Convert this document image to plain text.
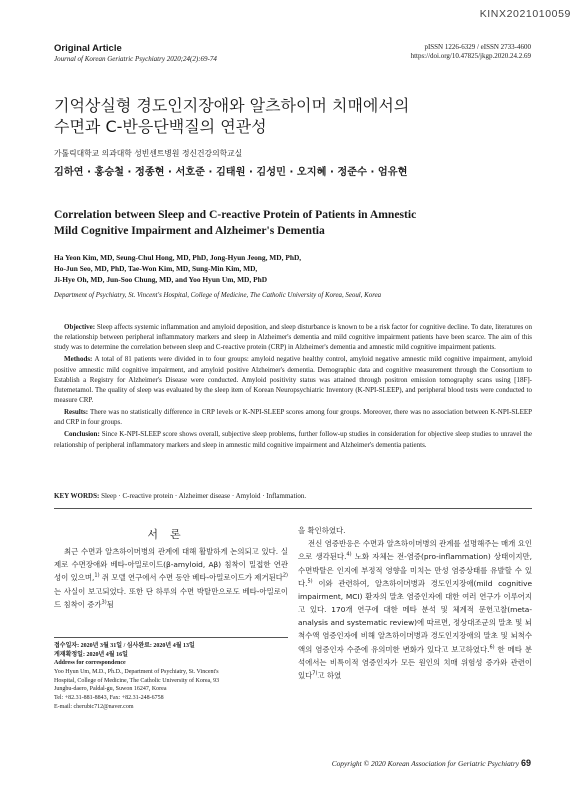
KINX2021010059
Original Article
Journal of Korean Geriatric Psychiatry 2020;24(2):69-74
pISSN 1226-6329 / eISSN 2733-4600
https://doi.org/10.47825/jkgp.2020.24.2.69
기억상실형 경도인지장애와 알츠하이머 치매에서의
수면과 C-반응단백질의 연관성
가톨릭대학교 의과대학 성빈센트병원 정신건강의학교실
김하연 · 홍승철 · 정종현 · 서호준 · 김태원 · 김성민 · 오지혜 · 정준수 · 엄유현
Correlation between Sleep and C-reactive Protein of Patients in Amnestic
Mild Cognitive Impairment and Alzheimer's Dementia
Ha Yeon Kim, MD, Seung-Chul Hong, MD, PhD, Jong-Hyun Jeong, MD, PhD,
Ho-Jun Seo, MD, PhD, Tae-Won Kim, MD, Sung-Min Kim, MD,
Ji-Hye Oh, MD, Jun-Soo Chung, MD, and Yoo Hyun Um, MD, PhD
Department of Psychiatry, St. Vincent's Hospital, College of Medicine, The Catholic University of Korea, Seoul, Korea

Objective: Sleep affects systemic inflammation and amyloid deposition, and sleep disturbance is known to be a risk factor for cognitive decline. To date, literatures on the relationship between peripheral inflammatory markers and sleep in Alzheimer's dementia and mild cognitive impairment patients have been scarce. The aim of this study was to determine the correlation between sleep and C-reactive protein (CRP) in Alzheimer's dementia and amnestic mild cognitive impairment patients.

Methods: A total of 81 patients were divided in to four groups: amyloid negative healthy control, amyloid negative amnestic mild cognitive impairment, amyloid positive amnestic mild cognitive impairment, and amyloid positive Alzheimer's dementia. Demographic data and cognitive measurement through the Consortium to Establish a Registry for Alzheimer's Disease were conducted. Amyloid positivity status was attained through positron emission tomography scans using [18F]-flutemetamol. The quality of sleep was evaluated by the sleep item of Korean Neuropsychiatric Inventory (K-NPI-SLEEP), and peripheral blood tests were conducted to measure CRP.

Results: There was no statistically difference in CRP levels or K-NPI-SLEEP scores among four groups. Moreover, there was no association between K-NPI-SLEEP and CRP in four groups.

Conclusion: Since K-NPI-SLEEP score shows overall, subjective sleep problems, further follow-up studies in consideration for objective sleep studies to unravel the relationship of peripheral inflammatory markers and sleep in amnestic mild cognitive impairment and Alzheimer's dementia patients.

KEY WORDS: Sleep · C-reactive protein · Alzheimer disease · Amyloid · Inflammation.
서론

최근 수면과 알츠하이머병의 관계에 대해 활발하게 논의되고 있다. 실제로 수면장애와 베타-아밀로이드(β-amyloid, Aβ) 침착이 밀접한 연관성이 있으며,$^{1)}$ 쥐 모델 연구에서 수면 동안 베타-아밀로이드가 제거된다$^{2)}$는 사실이 보고되었다. 또한 단 하루의 수면 박탈만으로도 베타-아밀로이드 침착이 증가$^{3)}$됨

접수일자: 2020년 3월 31일 / 심사완료: 2020년 4월 13일
게재확정일: 2020년 4월 16일
Address for correspondence
Yoo Hyun Um, M.D., Ph.D., Department of Psychiatry, St. Vincent's
Hospital, College of Medicine, The Catholic University of Korea, 93
Jungbu-daero, Paldal-gu, Suwon 16247, Korea
Tel: +82.31-881-8843, Fax: +82.31-248-6758
E-mail: cherubic712@naver.com

을 확인하였다.

전신 염증반응은 수면과 알츠하이머병의 관계를 설명해주는 매개 요인으로 생각된다.$^{4)}$ 노화 자체는 전-염증(pro-inflammation) 상태이지만, 수면박탈은 인지에 부정적 영향을 미치는 만성 염증상태를 유발할 수 있다.$^{5)}$ 이와 관련하여, 알츠하이머병과 경도인지장애(mild cognitive impairment, MCI) 환자의 말초 염증인자에 대한 여러 연구가 이루어지고 있다. 170개 연구에 대한 메타 분석 및 체계적 문헌고찰(meta-analysis and systematic review)에 따르면, 정상대조군의 말초 및 뇌척수액 염증인자에 비해 알츠하이머병과 경도인지장애의 말초 및 뇌척수액의 염증인자 수준에 유의미한 변화가 있다고 보고하였다.$^{6)}$ 한 메타 분석에서는 비특이적 염증인자가 모든 원인의 치매 위험성 증가와 관련이 있다$^{7)}$고 하였

Copyright © 2020 Korean Association for Geriatric Psychiatry 69
